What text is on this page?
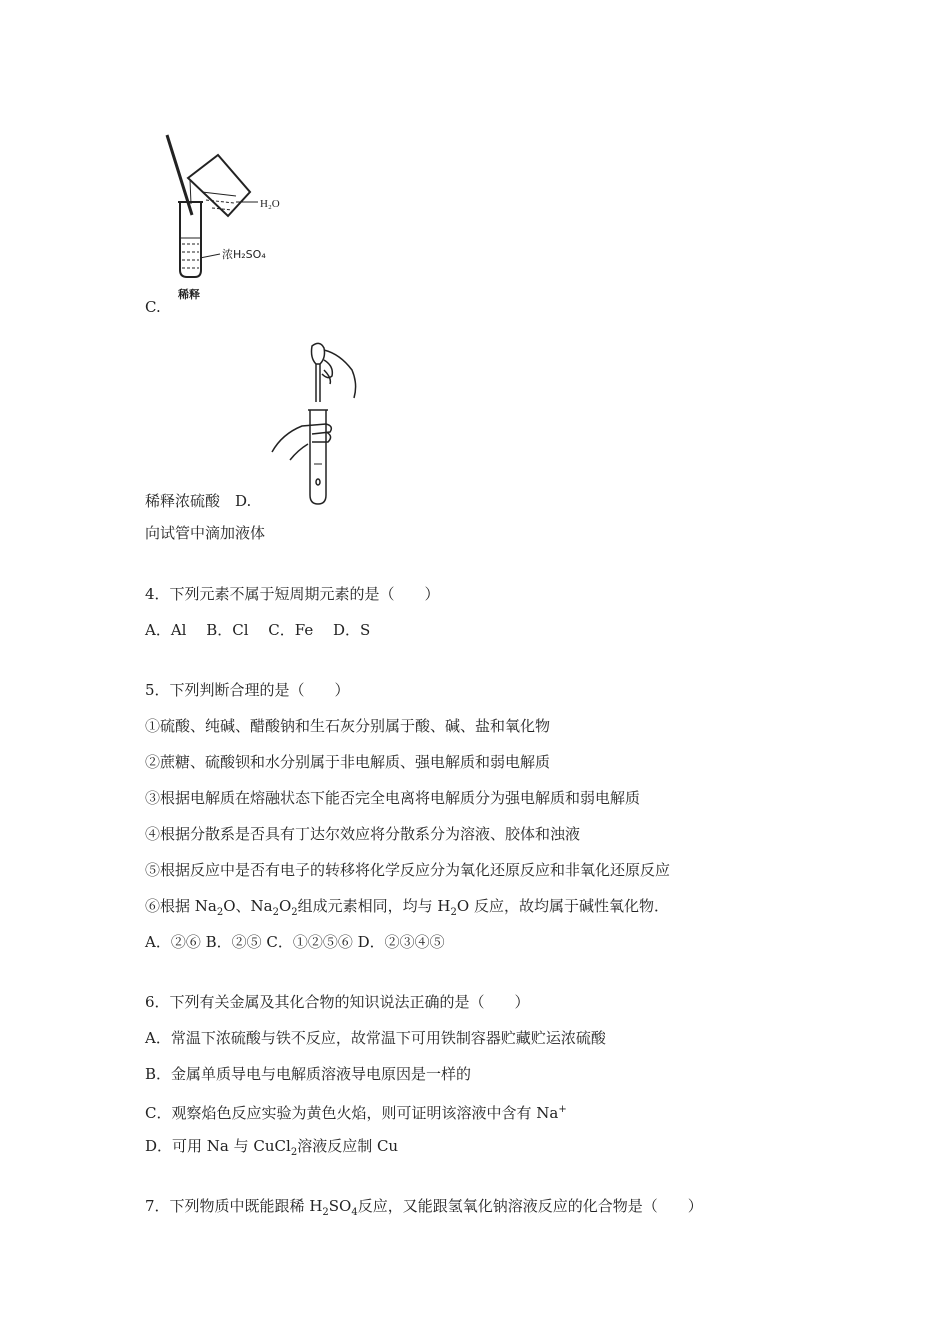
H₂O
浓H₂SO₄
稀释
C.
稀释浓硫酸　D.
向试管中滴加液体
4．下列元素不属于短周期元素的是（　　）
A．Al　 B．Cl　 C．Fe　 D．S
5．下列判断合理的是（　　）
①硫酸、纯碱、醋酸钠和生石灰分别属于酸、碱、盐和氧化物
②蔗糖、硫酸钡和水分别属于非电解质、强电解质和弱电解质
③根据电解质在熔融状态下能否完全电离将电解质分为强电解质和弱电解质
④根据分散系是否具有丁达尔效应将分散系分为溶液、胶体和浊液
⑤根据反应中是否有电子的转移将化学反应分为氧化还原反应和非氧化还原反应
⑥根据 $Na_2O$、$Na_2O_2$组成元素相同，均与 $H_2O$ 反应，故均属于碱性氧化物．
A．②⑥ B．②⑤ C．①②⑤⑥ D．②③④⑤
6．下列有关金属及其化合物的知识说法正确的是（　　）
A．常温下浓硫酸与铁不反应，故常温下可用铁制容器贮藏贮运浓硫酸
B．金属单质导电与电解质溶液导电原因是一样的
C．观察焰色反应实验为黄色火焰，则可证明该溶液中含有 Na+
D．可用 Na 与 CuCl$_2$溶液反应制 Cu
7．下列物质中既能跟稀 $H_2SO_4$反应，又能跟氢氧化钠溶液反应的化合物是（　　）
